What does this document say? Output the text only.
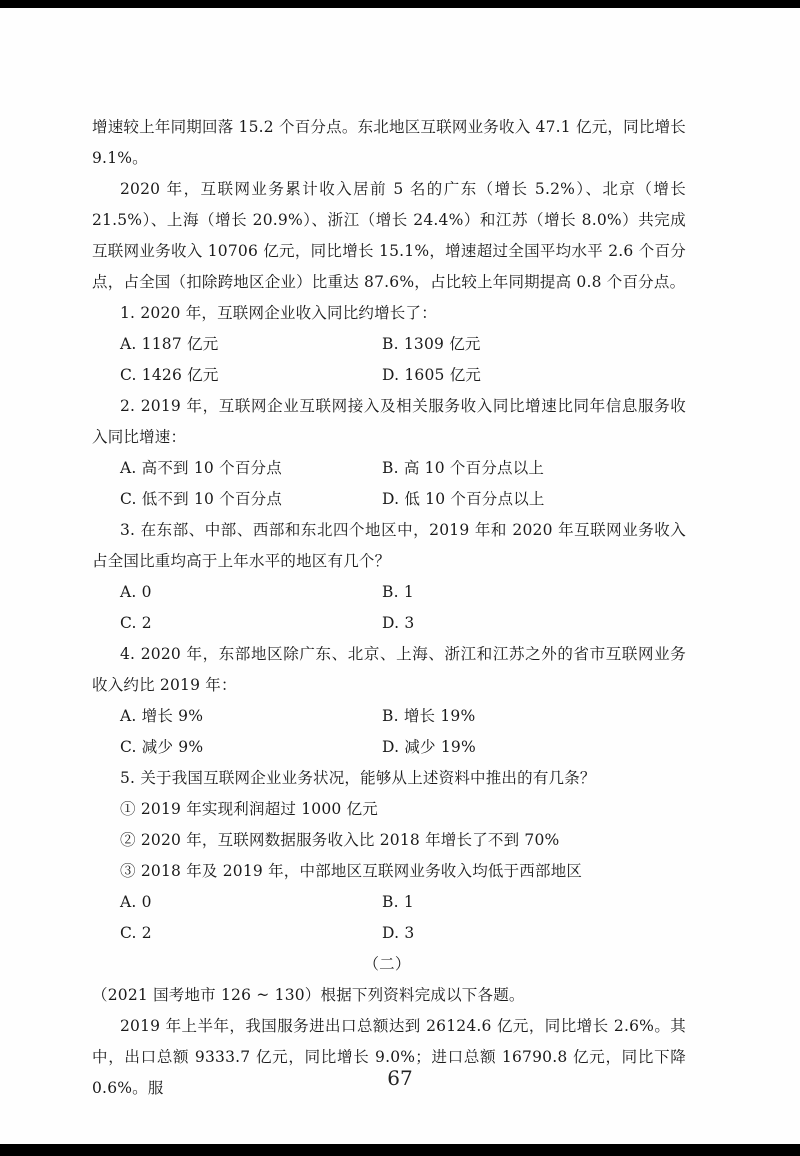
增速较上年同期回落 15.2 个百分点。东北地区互联网业务收入 47.1 亿元，同比增长 9.1%。

2020 年，互联网业务累计收入居前 5 名的广东（增长 5.2%）、北京（增长 21.5%）、上海（增长 20.9%）、浙江（增长 24.4%）和江苏（增长 8.0%）共完成互联网业务收入 10706 亿元，同比增长 15.1%，增速超过全国平均水平 2.6 个百分点，占全国（扣除跨地区企业）比重达 87.6%，占比较上年同期提高 0.8 个百分点。

1. 2020 年，互联网企业收入同比约增长了：

A. 1187 亿元	B. 1309 亿元
C. 1426 亿元	D. 1605 亿元

2. 2019 年，互联网企业互联网接入及相关服务收入同比增速比同年信息服务收入同比增速：

A. 高不到 10 个百分点	B. 高 10 个百分点以上
C. 低不到 10 个百分点	D. 低 10 个百分点以上

3. 在东部、中部、西部和东北四个地区中，2019 年和 2020 年互联网业务收入占全国比重均高于上年水平的地区有几个？

A. 0	B. 1
C. 2	D. 3

4. 2020 年，东部地区除广东、北京、上海、浙江和江苏之外的省市互联网业务收入约比 2019 年：

A. 增长 9%	B. 增长 19%
C. 减少 9%	D. 减少 19%

5. 关于我国互联网企业业务状况，能够从上述资料中推出的有几条？

① 2019 年实现利润超过 1000 亿元

② 2020 年，互联网数据服务收入比 2018 年增长了不到 70%

③ 2018 年及 2019 年，中部地区互联网业务收入均低于西部地区

A. 0	B. 1
C. 2	D. 3

（二）

（2021 国考地市 126 ~ 130）根据下列资料完成以下各题。

2019 年上半年，我国服务进出口总额达到 26124.6 亿元，同比增长 2.6%。其中，出口总额 9333.7 亿元，同比增长 9.0%；进口总额 16790.8 亿元，同比下降 0.6%。服	67
